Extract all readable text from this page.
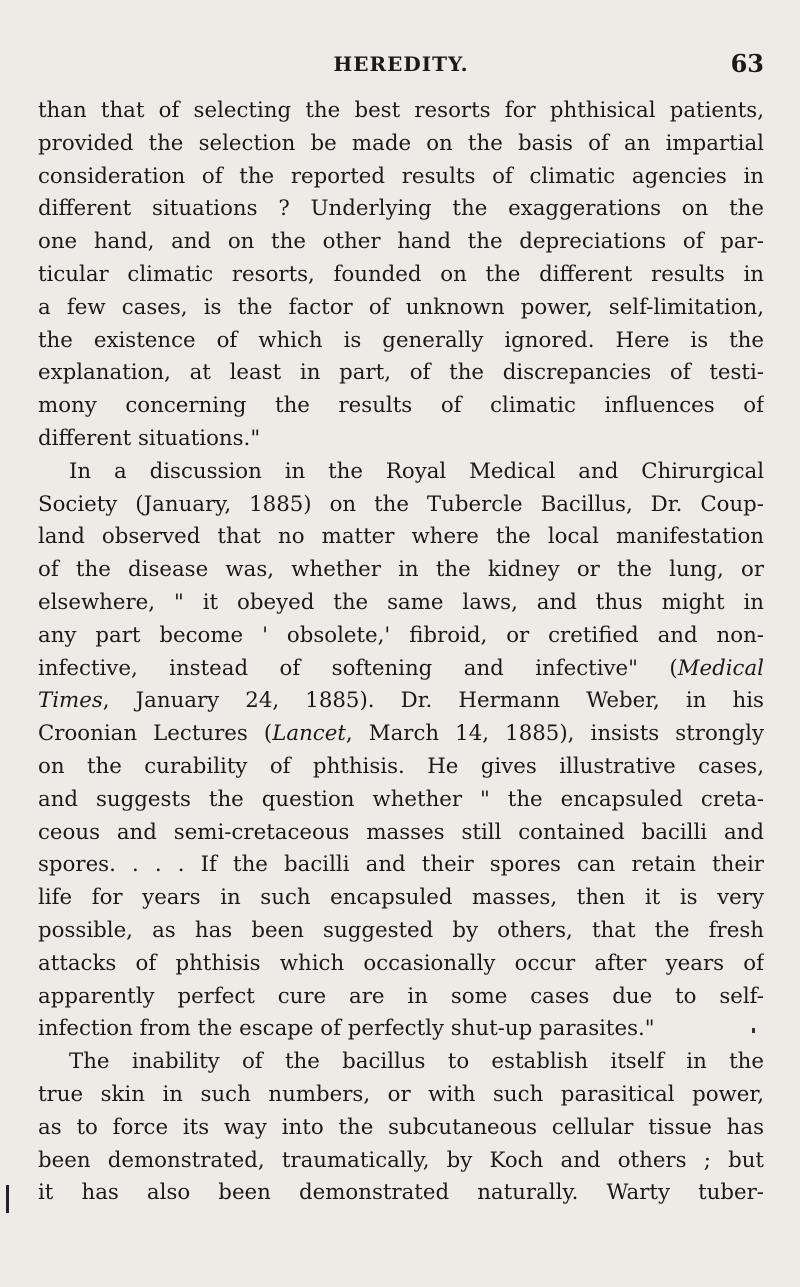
HEREDITY.	63
than that of selecting the best resorts for phthisical patients,
provided the selection be made on the basis of an impartial
consideration of the reported results of climatic agencies in
different situations ? Underlying the exaggerations on the
one hand, and on the other hand the depreciations of par-
ticular climatic resorts, founded on the different results in
a few cases, is the factor of unknown power, self-limitation,
the existence of which is generally ignored. Here is the
explanation, at least in part, of the discrepancies of testi-
mony concerning the results of climatic influences of
different situations."
In a discussion in the Royal Medical and Chirurgical
Society (January, 1885) on the Tubercle Bacillus, Dr. Coup-
land observed that no matter where the local manifestation
of the disease was, whether in the kidney or the lung, or
elsewhere, " it obeyed the same laws, and thus might in
any part become ' obsolete,' fibroid, or cretified and non-
infective, instead of softening and infective" (Medical
Times, January 24, 1885). Dr. Hermann Weber, in his
Croonian Lectures (Lancet, March 14, 1885), insists strongly
on the curability of phthisis. He gives illustrative cases,
and suggests the question whether " the encapsuled creta-
ceous and semi-cretaceous masses still contained bacilli and
spores. . . . If the bacilli and their spores can retain their
life for years in such encapsuled masses, then it is very
possible, as has been suggested by others, that the fresh
attacks of phthisis which occasionally occur after years of
apparently perfect cure are in some cases due to self-
infection from the escape of perfectly shut-up parasites."
The inability of the bacillus to establish itself in the
true skin in such numbers, or with such parasitical power,
as to force its way into the subcutaneous cellular tissue has
been demonstrated, traumatically, by Koch and others ; but
it has also been demonstrated naturally. Warty tuber-
